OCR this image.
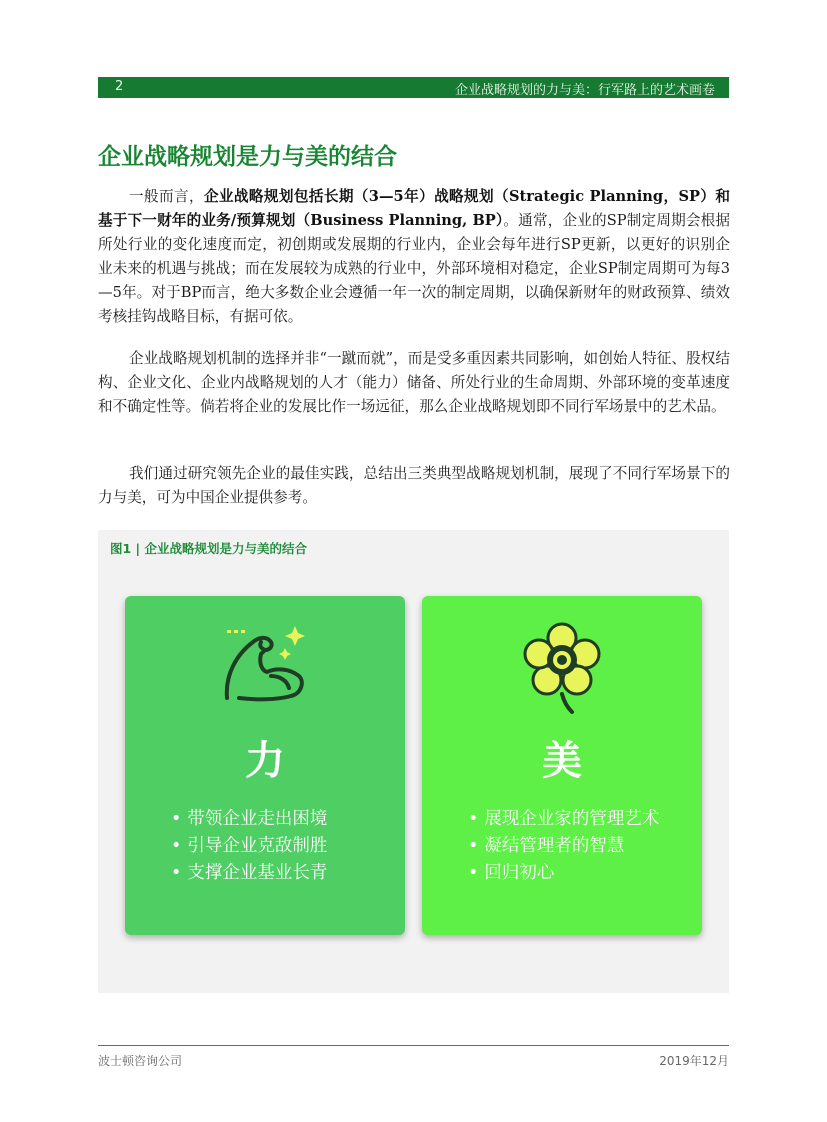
2	企业战略规划的力与美：行军路上的艺术画卷
企业战略规划是力与美的结合

一般而言，企业战略规划包括长期（3—5年）战略规划（Strategic Planning，SP）和基于下一财年的业务/预算规划（Business Planning, BP）。通常，企业的SP制定周期会根据所处行业的变化速度而定，初创期或发展期的行业内，企业会每年进行SP更新，以更好的识别企业未来的机遇与挑战；而在发展较为成熟的行业中，外部环境相对稳定，企业SP制定周期可为每3—5年。对于BP而言，绝大多数企业会遵循一年一次的制定周期，以确保新财年的财政预算、绩效考核挂钩战略目标，有据可依。

企业战略规划机制的选择并非“一蹴而就”，而是受多重因素共同影响，如创始人特征、股权结构、企业文化、企业内战略规划的人才（能力）储备、所处行业的生命周期、外部环境的变革速度和不确定性等。倘若将企业的发展比作一场远征，那么企业战略规划即不同行军场景中的艺术品。

我们通过研究领先企业的最佳实践，总结出三类典型战略规划机制，展现了不同行军场景下的力与美，可为中国企业提供参考。

图1 | 企业战略规划是力与美的结合
力
• 带领企业走出困境
• 引导企业克敌制胜
• 支撑企业基业长青
美
• 展现企业家的管理艺术
• 凝结管理者的智慧
• 回归初心
波士顿咨询公司	2019年12月
